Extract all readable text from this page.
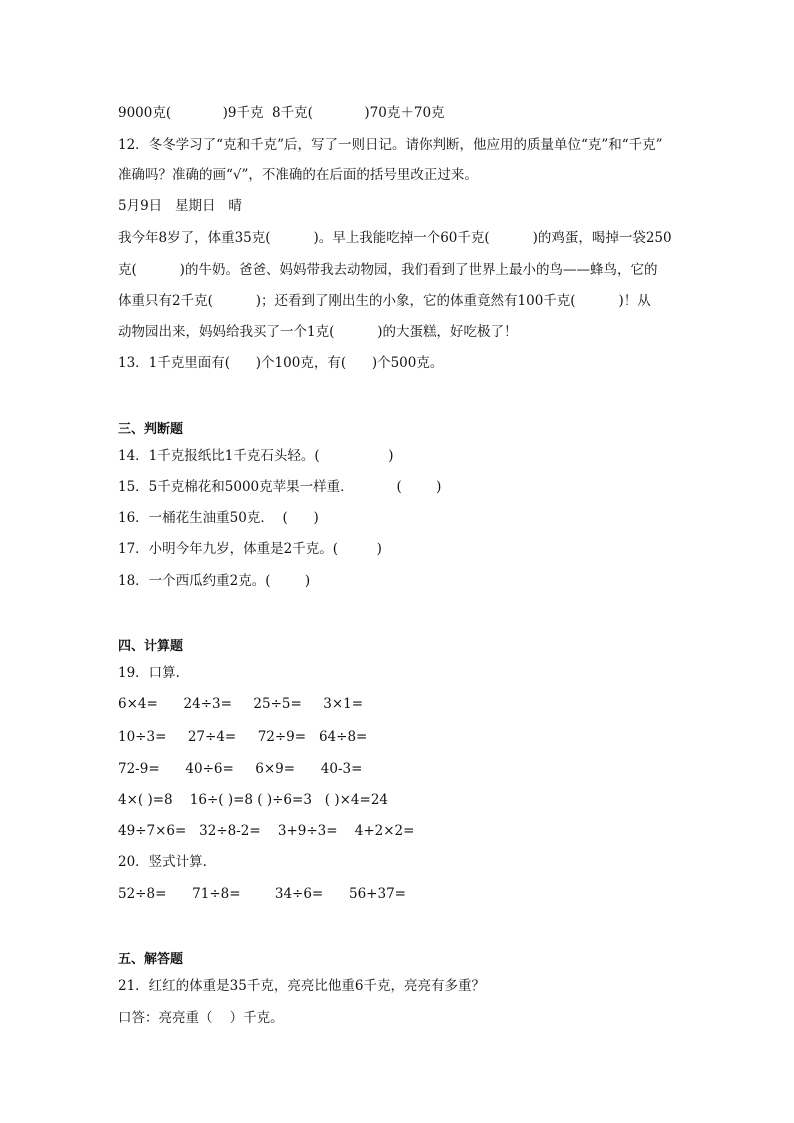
9000克(            )9千克  8千克(            )70克＋70克
12．冬冬学习了“克和千克”后，写了一则日记。请你判断，他应用的质量单位“克”和“千克”
准确吗？准确的画“√”，不准确的在后面的括号里改正过来。
5月9日   星期日   晴
我今年8岁了，体重35克(          )。早上我能吃掉一个60千克(          )的鸡蛋，喝掉一袋250
克(          )的牛奶。爸爸、妈妈带我去动物园，我们看到了世界上最小的鸟——蜂鸟，它的
体重只有2千克(          )；还看到了刚出生的小象，它的体重竟然有100千克(          )！从
动物园出来，妈妈给我买了一个1克(          )的大蛋糕，好吃极了！
13．1千克里面有(      )个100克，有(      )个500克。
三、判断题
14．1千克报纸比1千克石头轻。(                )
15．5千克棉花和5000克苹果一样重．          (        )
16．一桶花生油重50克．  (      )
17．小明今年九岁，体重是2千克。(         )
18．一个西瓜约重2克。(        )
四、计算题
19．口算.
6×4=      24÷3=     25÷5=     3×1=
10÷3=     27÷4=     72÷9=   64÷8=
72-9=      40÷6=     6×9=      40-3=
4×( )=8    16÷( )=8 ( )÷6=3   ( )×4=24
49÷7×6=   32÷8-2=    3+9÷3=    4+2×2=
20．竖式计算.
52÷8=      71÷8=        34÷6=      56+37=
五、解答题
21．红红的体重是35千克，亮亮比他重6千克，亮亮有多重？
口答：亮亮重（    ）千克。
